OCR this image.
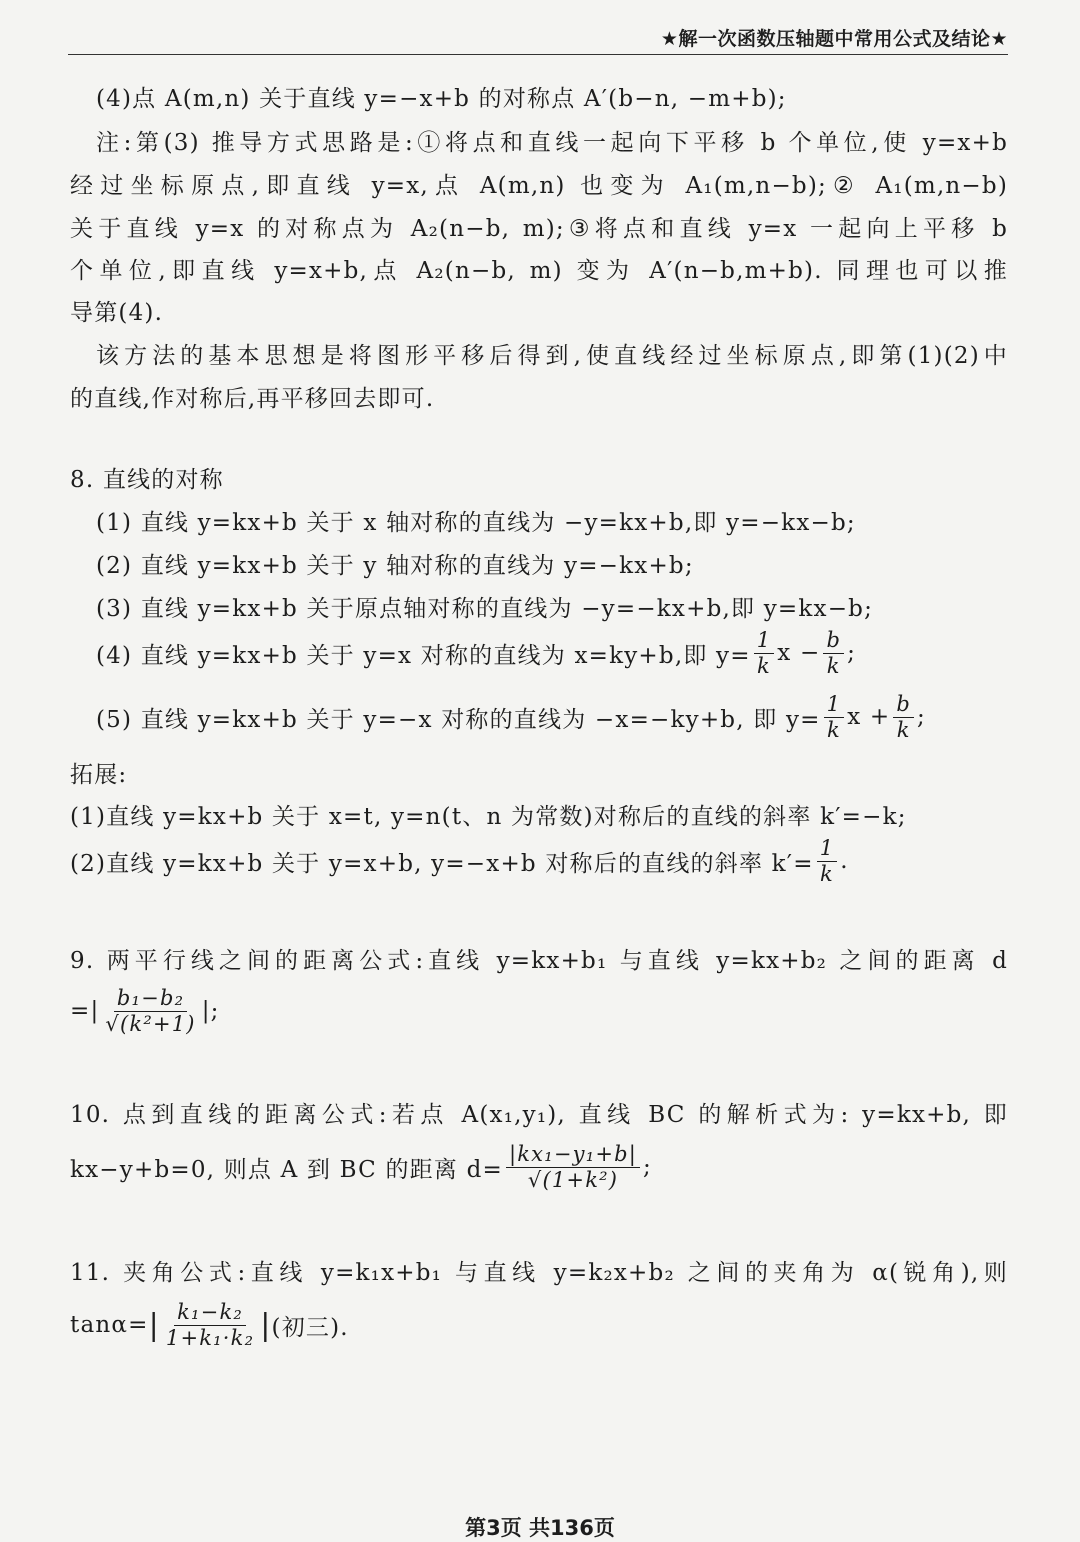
★解一次函数压轴题中常用公式及结论★
(4)点 A(m,n) 关于直线 y=−x+b 的对称点 A′(b−n, −m+b);
注:第(3) 推导方式思路是:①将点和直线一起向下平移 b 个单位,使 y=x+b
经过坐标原点,即直线 y=x,点 A(m,n) 也变为 A₁(m,n−b);② A₁(m,n−b)
关于直线 y=x 的对称点为 A₂(n−b, m);③将点和直线 y=x 一起向上平移 b
个单位,即直线 y=x+b,点 A₂(n−b, m) 变为 A′(n−b,m+b). 同理也可以推
导第(4).
该方法的基本思想是将图形平移后得到,使直线经过坐标原点,即第(1)(2)中
的直线,作对称后,再平移回去即可.
8. 直线的对称
(1) 直线 y=kx+b 关于 x 轴对称的直线为 −y=kx+b,即 y=−kx−b;
(2) 直线 y=kx+b 关于 y 轴对称的直线为 y=−kx+b;
(3) 直线 y=kx+b 关于原点轴对称的直线为 −y=−kx+b,即 y=kx−b;
(4) 直线 y=kx+b 关于 y=x 对称的直线为 x=ky+b,即 $y= \frac{1}{k}$ $x - \frac{b}{k}$ ;
(5) 直线 y=kx+b 关于 y=−x 对称的直线为 −x=−ky+b, 即 $y= \frac{1}{k}$ $x + \frac{b}{k}$ ;
拓展:
(1)直线 y=kx+b 关于 x=t, y=n(t、n 为常数)对称后的直线的斜率 k′=−k;
(2)直线 y=kx+b 关于 y=x+b, y=−x+b 对称后的直线的斜率 $k'= \frac{1}{k}$ .
9. 两平行线之间的距离公式:直线 y=kx+b₁ 与直线 y=kx+b₂ 之间的距离 d
=| $\frac{\text{b₁−b₂}}{\text{√(k²+1)}}$ |;
10. 点到直线的距离公式:若点 A(x₁,y₁), 直线 BC 的解析式为: y=kx+b, 即
kx−y+b=0, 则点 A 到 BC 的距离 $d= \frac{\text{|kx₁−y₁+b|}}{\text{√(1+k²)}}$ ;
11. 夹角公式:直线 y=k₁x+b₁ 与直线 y=k₂x+b₂ 之间的夹角为 α(锐角),则
tanα= | $\frac{\text{k₁−k₂}}{\text{1+k₁·k₂}}$ | (初三).
第3页 共136页
